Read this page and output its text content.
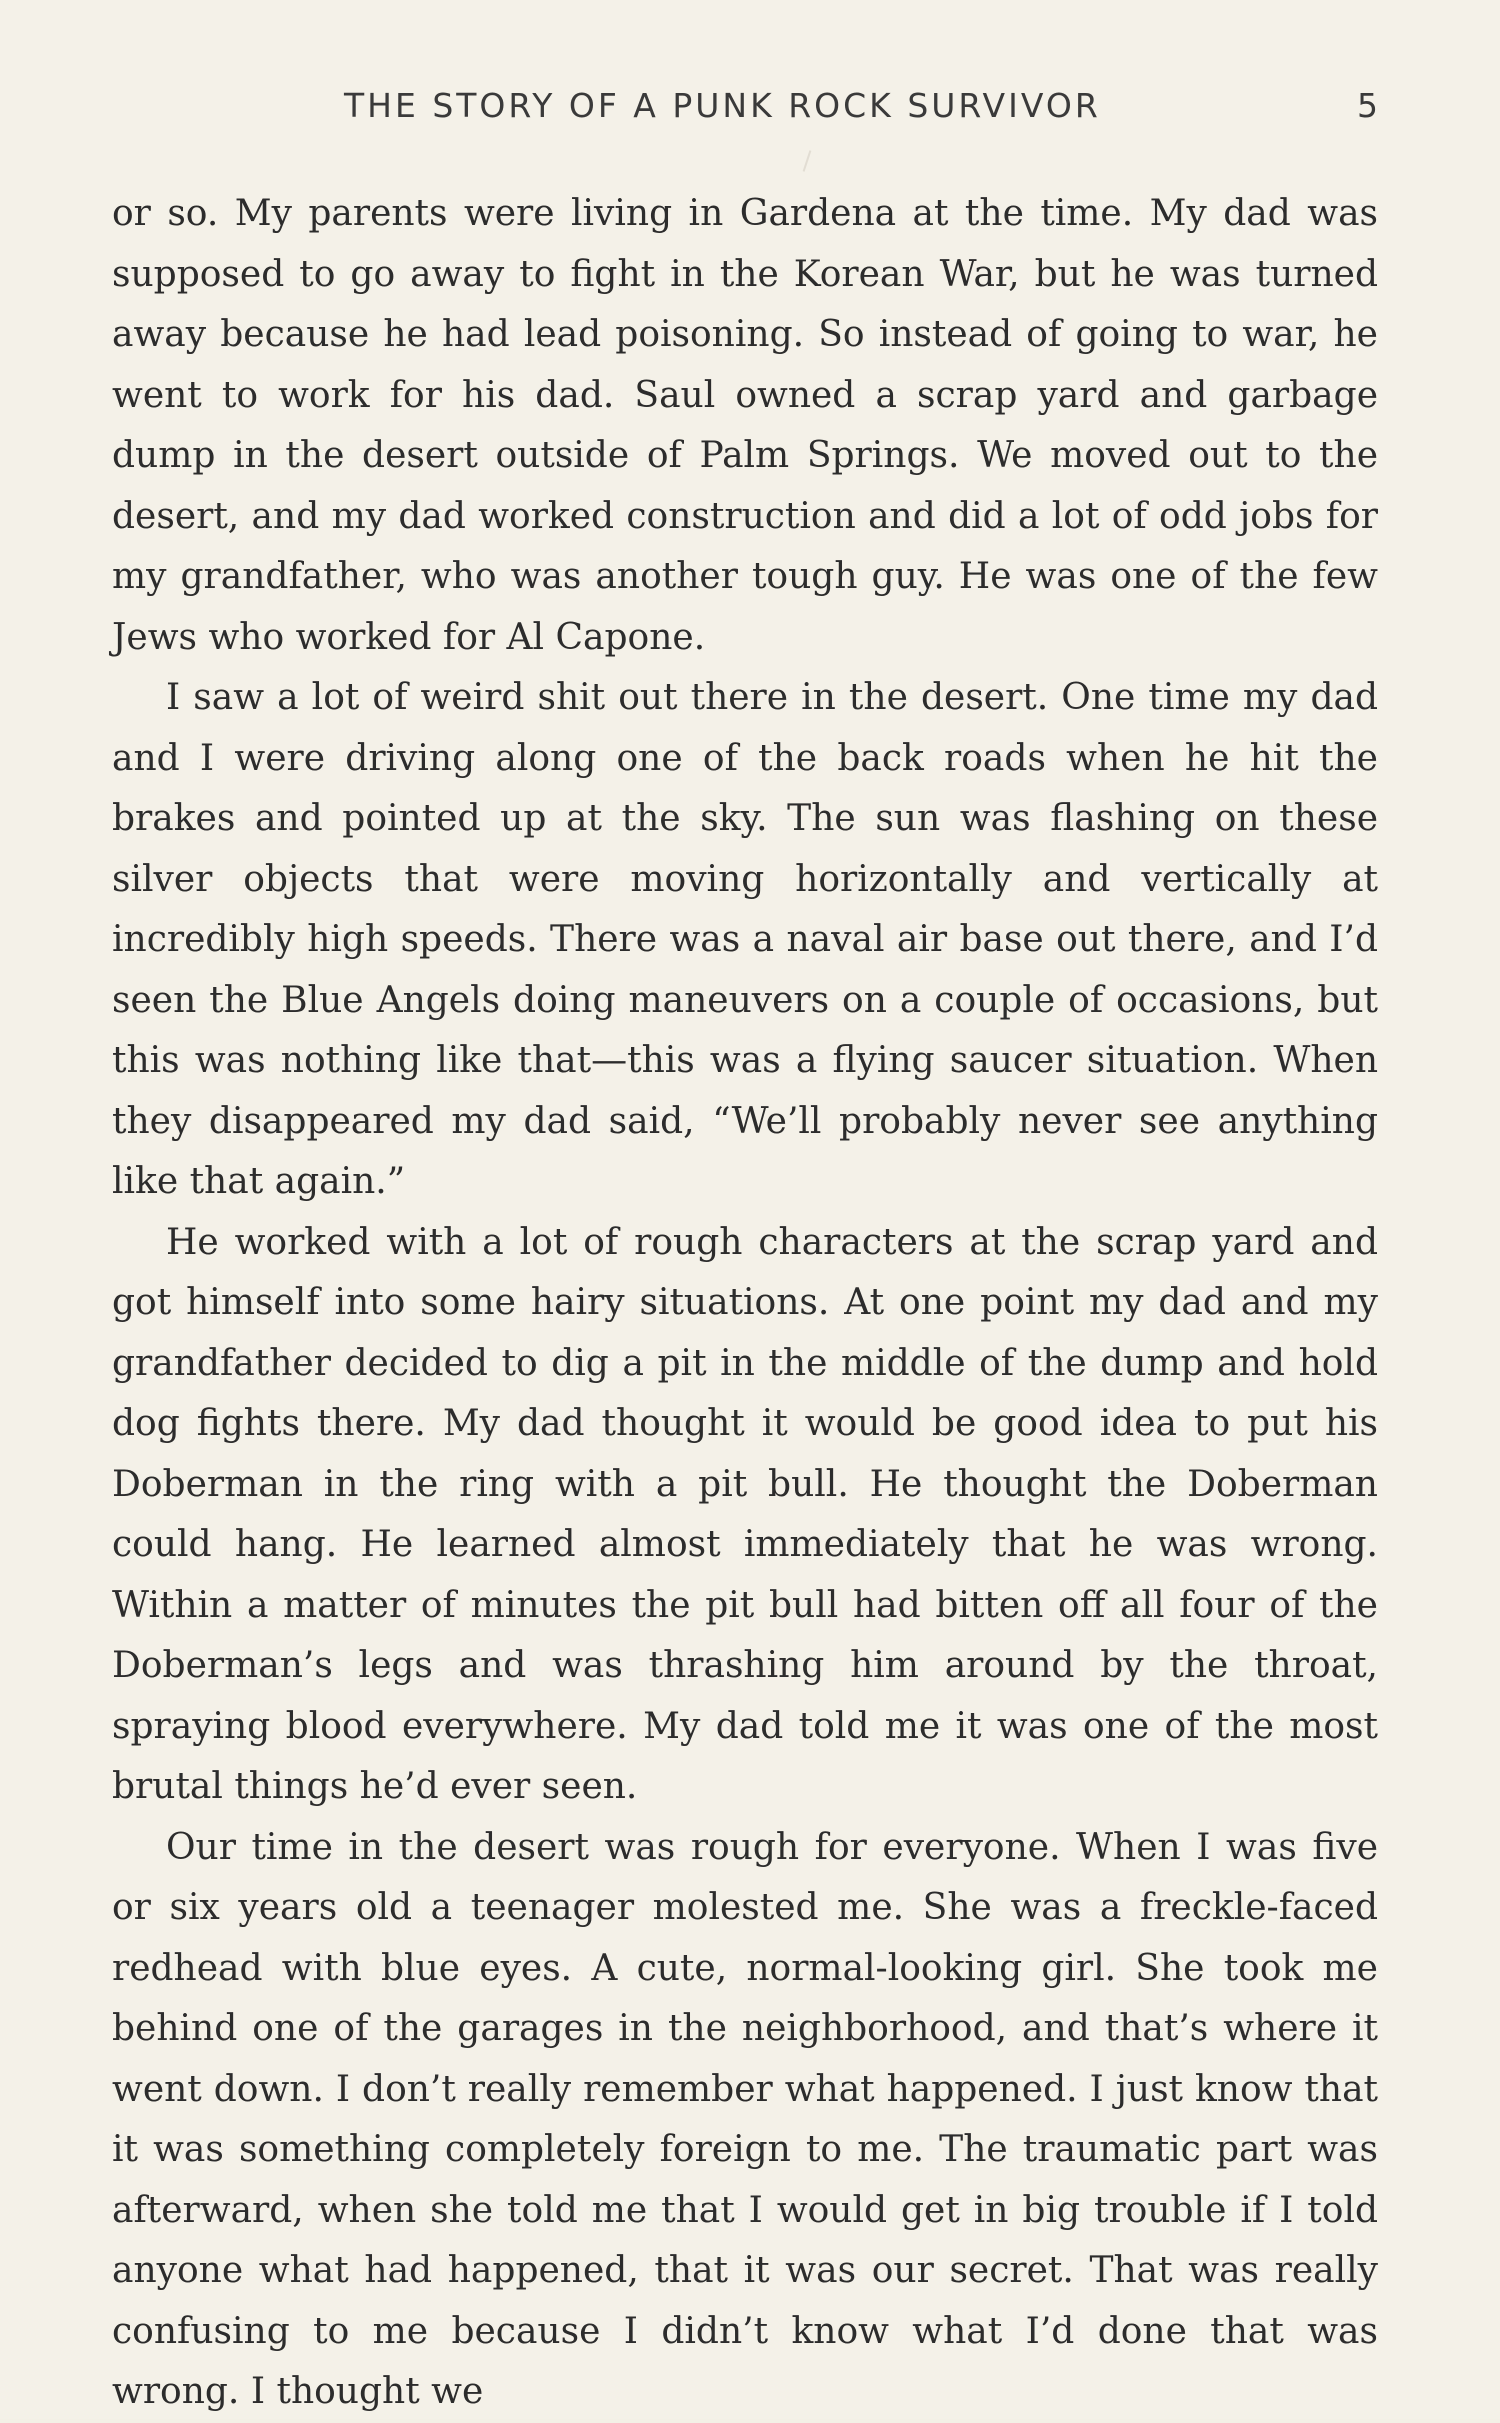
THE STORY OF A PUNK ROCK SURVIVOR	5

or so. My parents were living in Gardena at the time. My dad was supposed to go away to fight in the Korean War, but he was turned away because he had lead poisoning. So instead of going to war, he went to work for his dad. Saul owned a scrap yard and garbage dump in the desert outside of Palm Springs. We moved out to the desert, and my dad worked construction and did a lot of odd jobs for my grandfather, who was another tough guy. He was one of the few Jews who worked for Al Capone.

I saw a lot of weird shit out there in the desert. One time my dad and I were driving along one of the back roads when he hit the brakes and pointed up at the sky. The sun was flashing on these silver objects that were moving horizontally and vertically at incredibly high speeds. There was a naval air base out there, and I’d seen the Blue Angels doing maneuvers on a couple of occasions, but this was nothing like that—this was a flying saucer situation. When they disappeared my dad said, “We’ll probably never see anything like that again.”

He worked with a lot of rough characters at the scrap yard and got himself into some hairy situations. At one point my dad and my grandfather decided to dig a pit in the middle of the dump and hold dog fights there. My dad thought it would be good idea to put his Doberman in the ring with a pit bull. He thought the Doberman could hang. He learned almost immediately that he was wrong. Within a matter of minutes the pit bull had bitten off all four of the Doberman’s legs and was thrashing him around by the throat, spraying blood everywhere. My dad told me it was one of the most brutal things he’d ever seen.

Our time in the desert was rough for everyone. When I was five or six years old a teenager molested me. She was a freckle-faced redhead with blue eyes. A cute, normal-looking girl. She took me behind one of the garages in the neighborhood, and that’s where it went down. I don’t really remember what happened. I just know that it was something completely foreign to me. The traumatic part was afterward, when she told me that I would get in big trouble if I told anyone what had happened, that it was our secret. That was really confusing to me because I didn’t know what I’d done that was wrong. I thought we
